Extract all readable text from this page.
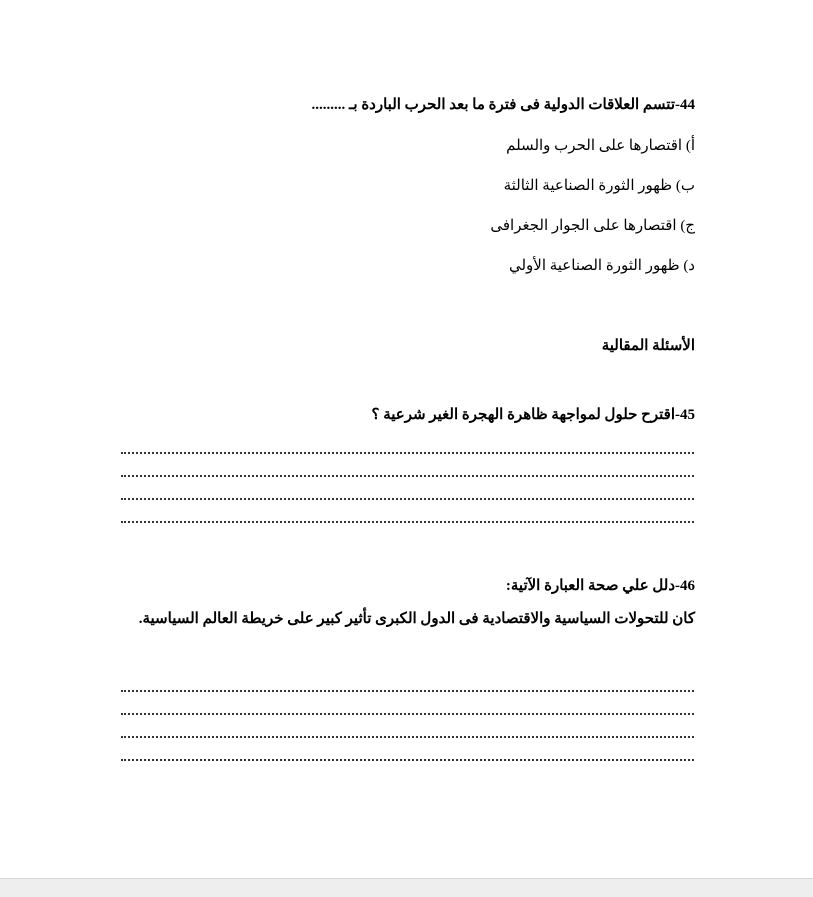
44-تتسم العلاقات الدولية فى فترة ما بعد الحرب الباردة بـ .........
أ) اقتصارها على الحرب والسلم
ب) ظهور الثورة الصناعية الثالثة
ج) اقتصارها على الجوار الجغرافى
د) ظهور الثورة الصناعية الأولي
الأسئلة المقالية
45-اقترح حلول لمواجهة ظاهرة الهجرة الغير شرعية ؟
46-دلل علي صحة العبارة الآتية:
كان للتحولات السياسية والاقتصادية فى الدول الكبرى تأثير كبير على خريطة العالم السياسية.
